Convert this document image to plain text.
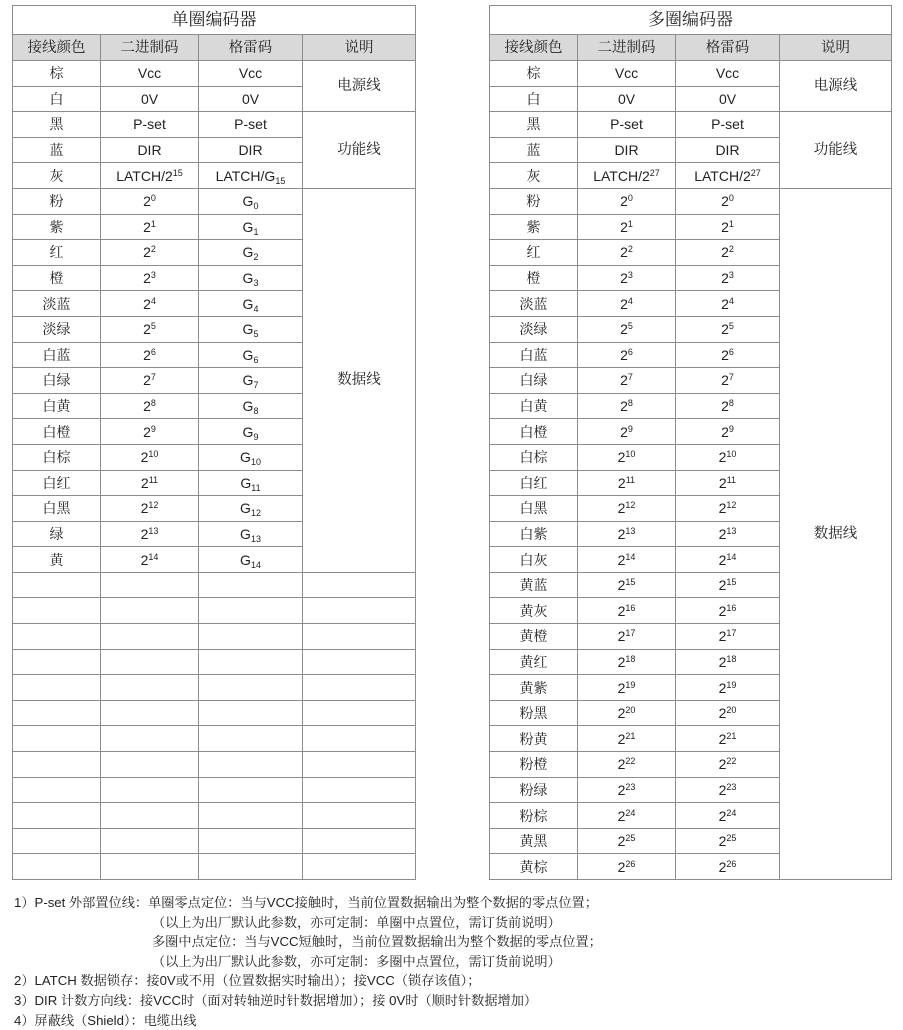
单圈编码器			
接线颜色	二进制码	格雷码	说明
棕	Vcc	Vcc	电源线
白	0V	0V	
黑	P-set	P-set	功能线
蓝	DIR	DIR	
灰	LATCH/$2^{15}$	LATCH/$G_{15}$
粉	$2^0$	$G_0$	数据线
紫	$2^1$	$G_1$
红	$2^2$	$G_2$
橙	$2^3$	$G_3$
淡蓝	$2^4$	$G_4$
淡绿	$2^5$	$G_5$
白蓝	$2^6$	$G_6$
白绿	$2^7$	$G_7$
白黄	$2^8$	$G_8$
白橙	$2^9$	$G_9$
白棕	$2^{10}$	$G_{10}$
白红	$2^{11}$	$G_{11}$
白黑	$2^{12}$	$G_{12}$
绿	$2^{13}$	$G_{13}$
黄	$2^{14}$	$G_{14}$

多圈编码器			
接线颜色	二进制码	格雷码	说明
棕	Vcc	Vcc	电源线
白	0V	0V	
黑	P-set	P-set	功能线
蓝	DIR	DIR	
灰	LATCH/$2^{27}$	LATCH/$2^{27}$
粉	$2^0$	$2^0$	数据线
紫	$2^1$	$2^1$
红	$2^2$	$2^2$
橙	$2^3$	$2^3$
淡蓝	$2^4$	$2^4$
淡绿	$2^5$	$2^5$
白蓝	$2^6$	$2^6$
白绿	$2^7$	$2^7$
白黄	$2^8$	$2^8$
白橙	$2^9$	$2^9$
白棕	$2^{10}$	$2^{10}$
白红	$2^{11}$	$2^{11}$
白黑	$2^{12}$	$2^{12}$
白紫	$2^{13}$	$2^{13}$
白灰	$2^{14}$	$2^{14}$
黄蓝	$2^{15}$	$2^{15}$
黄灰	$2^{16}$	$2^{16}$
黄橙	$2^{17}$	$2^{17}$
黄红	$2^{18}$	$2^{18}$
黄紫	$2^{19}$	$2^{19}$
粉黑	$2^{20}$	$2^{20}$
粉黄	$2^{21}$	$2^{21}$
粉橙	$2^{22}$	$2^{22}$
粉绿	$2^{23}$	$2^{23}$
粉棕	$2^{24}$	$2^{24}$
黄黑	$2^{25}$	$2^{25}$
黄棕	$2^{26}$	$2^{26}$
1）P-set 外部置位线：单圈零点定位：当与VCC接触时，当前位置数据输出为整个数据的零点位置；
（以上为出厂默认此参数，亦可定制：单圈中点置位，需订货前说明）
多圈中点定位：当与VCC短触时，当前位置数据输出为整个数据的零点位置；
（以上为出厂默认此参数，亦可定制：多圈中点置位，需订货前说明）
2）LATCH 数据锁存：接0V或不用（位置数据实时输出）；接VCC（锁存该值）；
3）DIR 计数方向线：接VCC时（面对转轴逆时针数据增加）；接 0V时（顺时针数据增加）
4）屏蔽线（Shield）：电缆出线
